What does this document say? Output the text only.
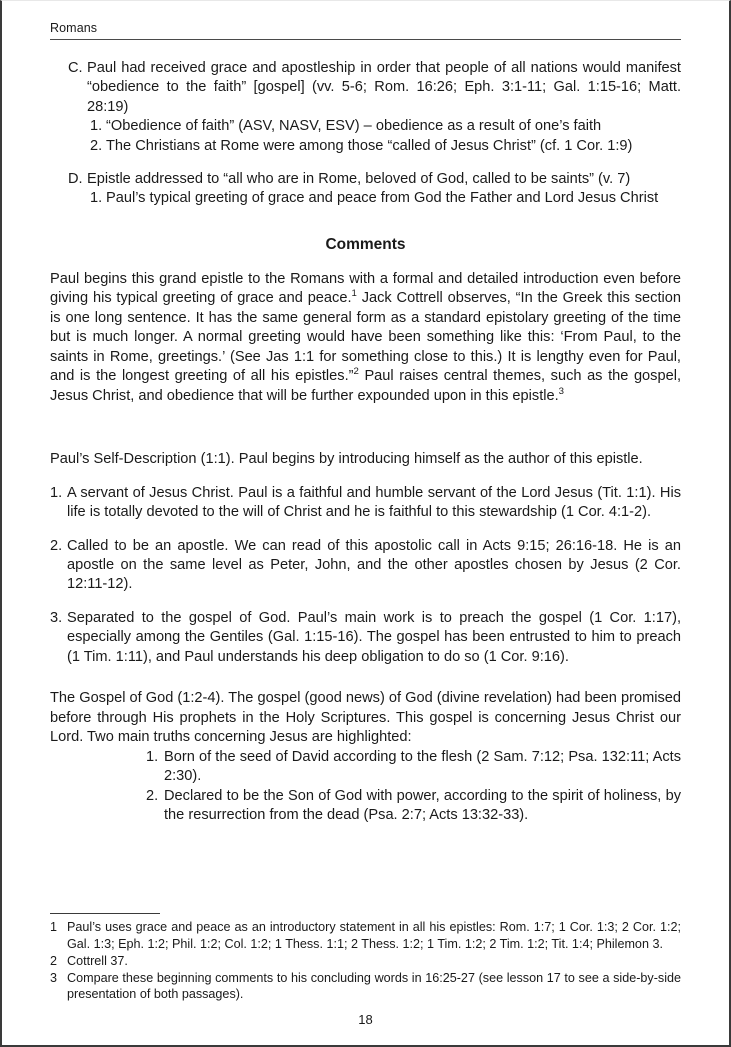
Romans
C. Paul had received grace and apostleship in order that people of all nations would manifest “obedience to the faith” [gospel] (vv. 5-6; Rom. 16:26; Eph. 3:1-11; Gal. 1:15-16; Matt. 28:19)
1. “Obedience of faith” (ASV, NASV, ESV) – obedience as a result of one’s faith
2. The Christians at Rome were among those “called of Jesus Christ” (cf. 1 Cor. 1:9)
D. Epistle addressed to “all who are in Rome, beloved of God, called to be saints” (v. 7)
1. Paul’s typical greeting of grace and peace from God the Father and Lord Jesus Christ
Comments

Paul begins this grand epistle to the Romans with a formal and detailed introduction even before giving his typical greeting of grace and peace.$^1$ Jack Cottrell observes, “In the Greek this section is one long sentence. It has the same general form as a standard epistolary greeting of the time but is much longer. A normal greeting would have been something like this: ‘From Paul, to the saints in Rome, greetings.’ (See Jas 1:1 for something close to this.) It is lengthy even for Paul, and is the longest greeting of all his epistles.”$^2$ Paul raises central themes, such as the gospel, Jesus Christ, and obedience that will be further expounded upon in this epistle.$^3$

Paul’s Self-Description (1:1). Paul begins by introducing himself as the author of this epistle.

1. A servant of Jesus Christ. Paul is a faithful and humble servant of the Lord Jesus (Tit. 1:1). His life is totally devoted to the will of Christ and he is faithful to this stewardship (1 Cor. 4:1-2).
2. Called to be an apostle. We can read of this apostolic call in Acts 9:15; 26:16-18. He is an apostle on the same level as Peter, John, and the other apostles chosen by Jesus (2 Cor. 12:11-12).
3. Separated to the gospel of God. Paul’s main work is to preach the gospel (1 Cor. 1:17), especially among the Gentiles (Gal. 1:15-16). The gospel has been entrusted to him to preach (1 Tim. 1:11), and Paul understands his deep obligation to do so (1 Cor. 9:16).

The Gospel of God (1:2-4). The gospel (good news) of God (divine revelation) had been promised before through His prophets in the Holy Scriptures. This gospel is concerning Jesus Christ our Lord. Two main truths concerning Jesus are highlighted:

1. Born of the seed of David according to the flesh (2 Sam. 7:12; Psa. 132:11; Acts 2:30).
2. Declared to be the Son of God with power, according to the spirit of holiness, by the resurrection from the dead (Psa. 2:7; Acts 13:32-33).
1 Paul’s uses grace and peace as an introductory statement in all his epistles: Rom. 1:7; 1 Cor. 1:3; 2 Cor. 1:2; Gal. 1:3; Eph. 1:2; Phil. 1:2; Col. 1:2; 1 Thess. 1:1; 2 Thess. 1:2; 1 Tim. 1:2; 2 Tim. 1:2; Tit. 1:4; Philemon 3.
2 Cottrell 37.
3 Compare these beginning comments to his concluding words in 16:25-27 (see lesson 17 to see a side-by-side presentation of both passages).
18
